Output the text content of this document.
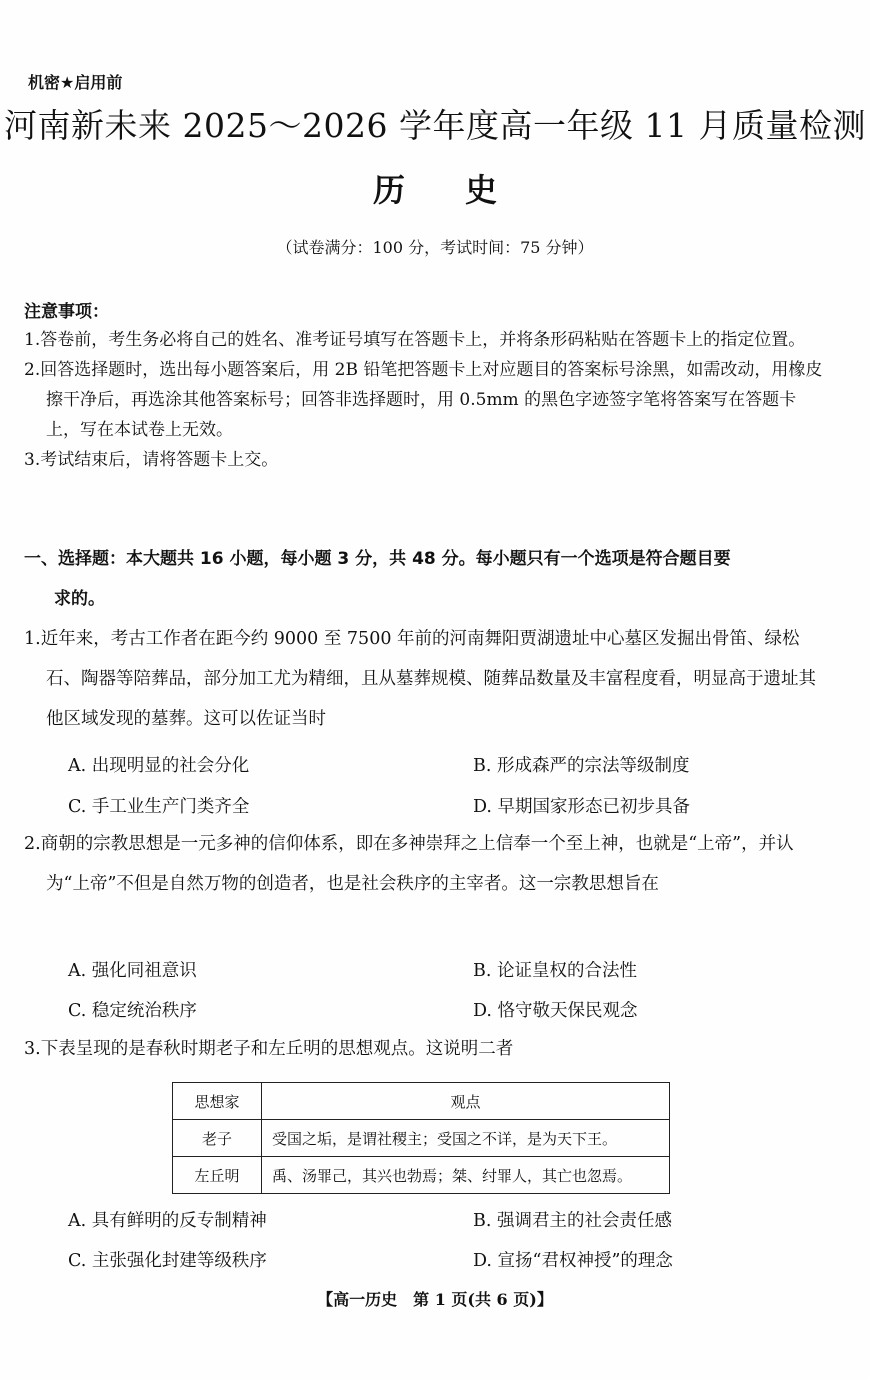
机密★启用前
河南新未来 2025～2026 学年度高一年级 11 月质量检测
历史
（试卷满分：100 分，考试时间：75 分钟）
注意事项：
1.答卷前，考生务必将自己的姓名、准考证号填写在答题卡上，并将条形码粘贴在答题卡上的指定位置。
2.回答选择题时，选出每小题答案后，用 2B 铅笔把答题卡上对应题目的答案标号涂黑，如需改动，用橡皮擦干净后，再选涂其他答案标号；回答非选择题时，用 0.5mm 的黑色字迹签字笔将答案写在答题卡上，写在本试卷上无效。
3.考试结束后，请将答题卡上交。
一、选择题：本大题共 16 小题，每小题 3 分，共 48 分。每小题只有一个选项是符合题目要
求的。
1.近年来，考古工作者在距今约 9000 至 7500 年前的河南舞阳贾湖遗址中心墓区发掘出骨笛、绿松石、陶器等陪葬品，部分加工尤为精细，且从墓葬规模、随葬品数量及丰富程度看，明显高于遗址其他区域发现的墓葬。这可以佐证当时
A. 出现明显的社会分化	B. 形成森严的宗法等级制度
C. 手工业生产门类齐全	D. 早期国家形态已初步具备
2.商朝的宗教思想是一元多神的信仰体系，即在多神崇拜之上信奉一个至上神，也就是“上帝”，并认为“上帝”不但是自然万物的创造者，也是社会秩序的主宰者。这一宗教思想旨在
A. 强化同祖意识	B. 论证皇权的合法性
C. 稳定统治秩序	D. 恪守敬天保民观念
3.下表呈现的是春秋时期老子和左丘明的思想观点。这说明二者
思想家	观点
老子	受国之垢，是谓社稷主；受国之不详，是为天下王。
左丘明	禹、汤罪己，其兴也勃焉；桀、纣罪人，其亡也忽焉。
A. 具有鲜明的反专制精神	B. 强调君主的社会责任感
C. 主张强化封建等级秩序	D. 宣扬“君权神授”的理念
【高一历史　第 1 页(共 6 页)】
